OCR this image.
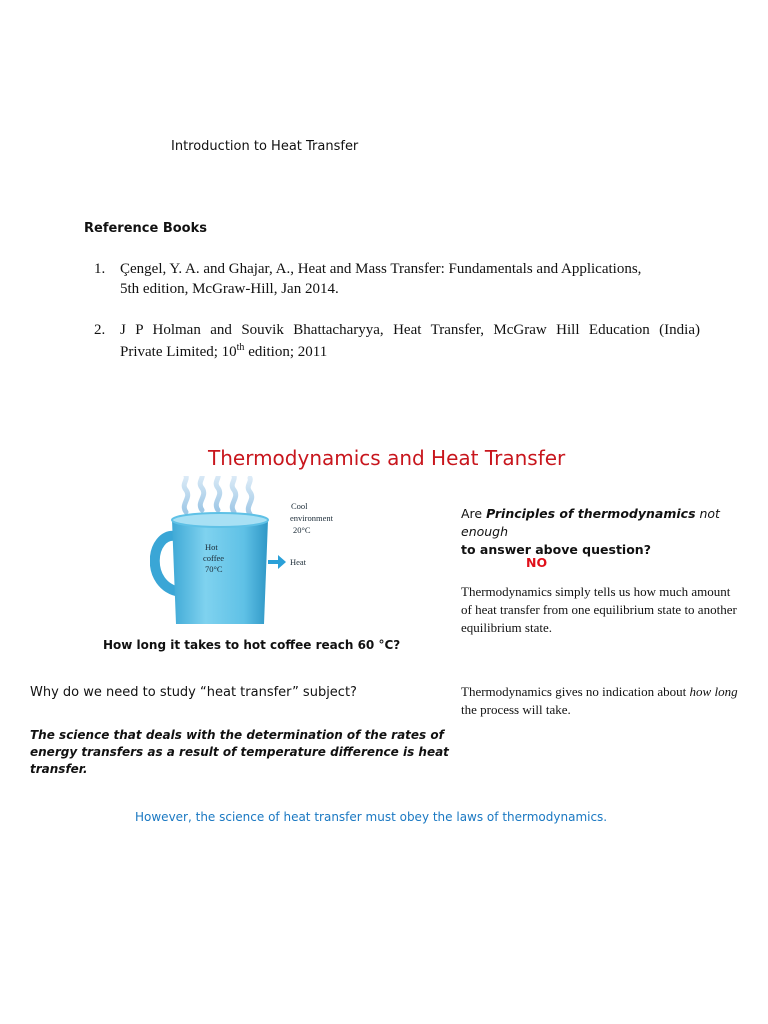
Introduction to Heat Transfer
Reference Books
1. Çengel, Y. A. and Ghajar, A., Heat and Mass Transfer: Fundamentals and Applications,
5th edition, McGraw-Hill, Jan 2014.
2. J P Holman and Souvik Bhattacharyya, Heat Transfer, McGraw Hill Education (India)
Private Limited; 10th edition; 2011
Thermodynamics and Heat Transfer
Hot
coffee
70°C
Heat
Cool
environment
20°C
How long it takes to hot coffee reach 60 °C?
Are Principles of thermodynamics not enough
to answer above question?
NO
Thermodynamics simply tells us how much amount of heat transfer from one equilibrium state to another equilibrium state.
Thermodynamics gives no indication about how long the process will take.
Why do we need to study “heat transfer” subject?
The science that deals with the determination of the rates of energy transfers as a result of temperature difference is heat transfer.
However, the science of heat transfer must obey the laws of thermodynamics.
